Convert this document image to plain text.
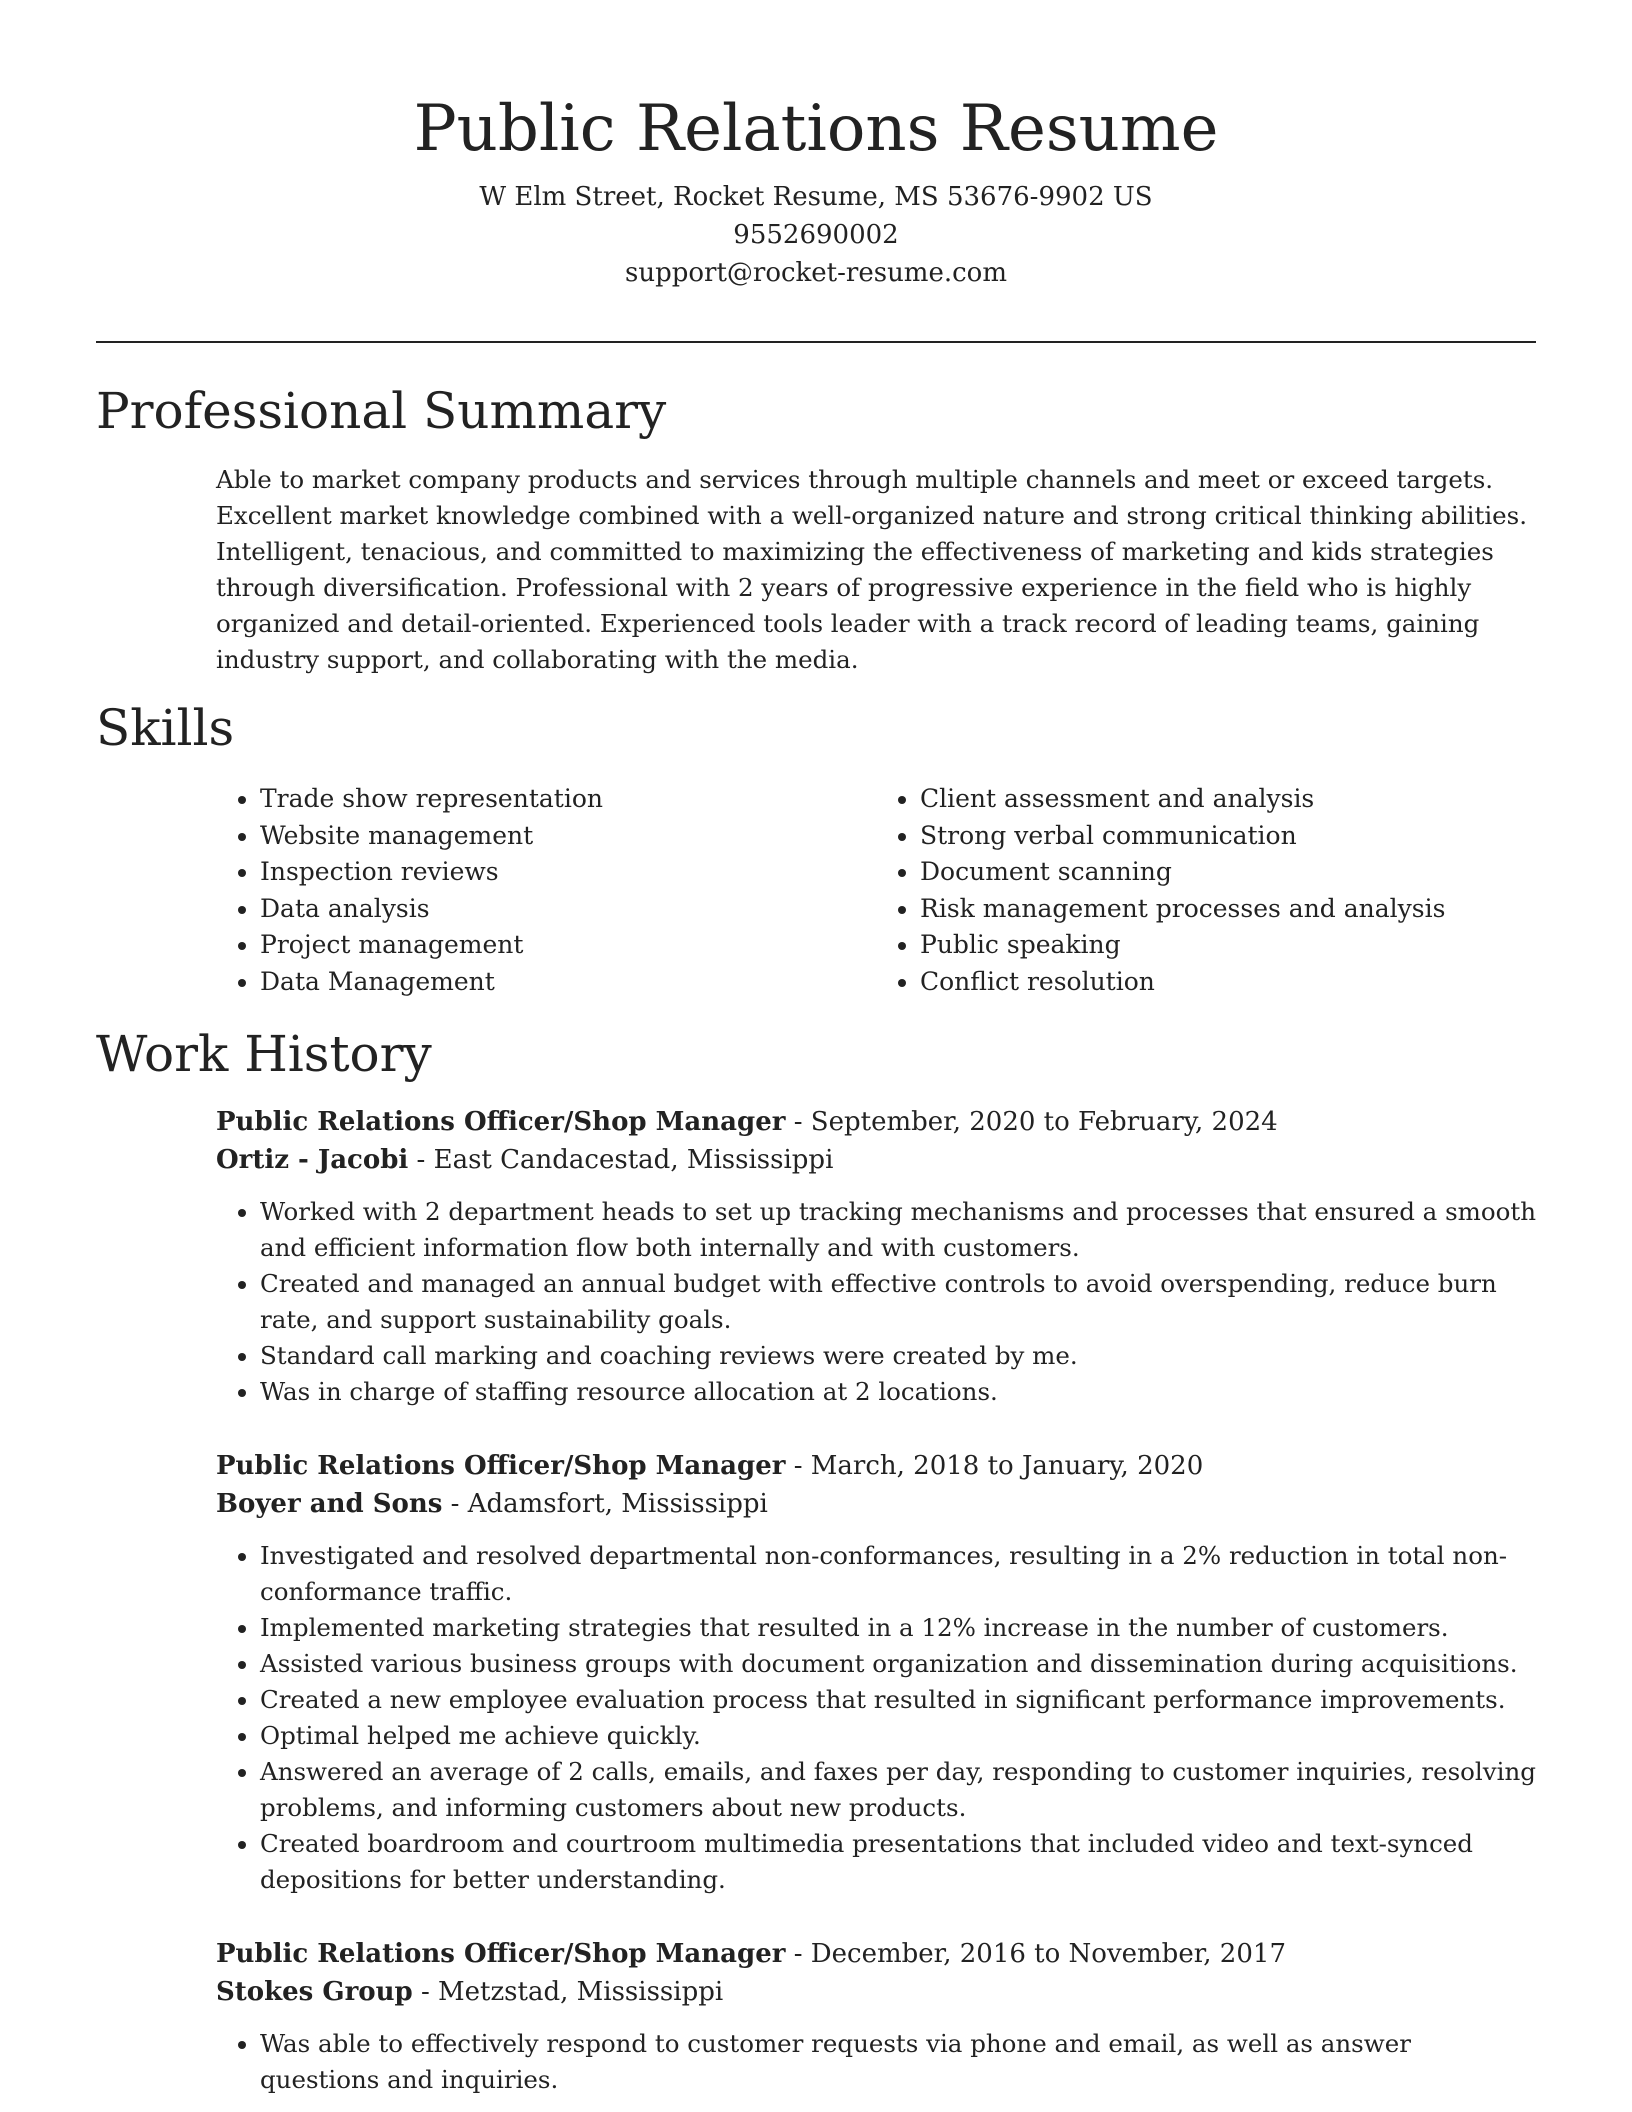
Public Relations Resume
W Elm Street, Rocket Resume, MS 53676-9902 US
9552690002
support@rocket-resume.com
Professional Summary

Able to market company products and services through multiple channels and meet or exceed targets. Excellent market knowledge combined with a well-organized nature and strong critical thinking abilities. Intelligent, tenacious, and committed to maximizing the effectiveness of marketing and kids strategies through diversification. Professional with 2 years of progressive experience in the field who is highly organized and detail-oriented. Experienced tools leader with a track record of leading teams, gaining industry support, and collaborating with the media.

Skills
• Trade show representation
• Website management
• Inspection reviews
• Data analysis
• Project management
• Data Management
• Client assessment and analysis
• Strong verbal communication
• Document scanning
• Risk management processes and analysis
• Public speaking
• Conflict resolution
Work History
Public Relations Officer/Shop Manager - September, 2020 to February, 2024
Ortiz - Jacobi - East Candacestad, Mississippi
• Worked with 2 department heads to set up tracking mechanisms and processes that ensured a smooth and efficient information flow both internally and with customers.
• Created and managed an annual budget with effective controls to avoid overspending, reduce burn rate, and support sustainability goals.
• Standard call marking and coaching reviews were created by me.
• Was in charge of staffing resource allocation at 2 locations.
Public Relations Officer/Shop Manager - March, 2018 to January, 2020
Boyer and Sons - Adamsfort, Mississippi
• Investigated and resolved departmental non-conformances, resulting in a 2% reduction in total non-conformance traffic.
• Implemented marketing strategies that resulted in a 12% increase in the number of customers.
• Assisted various business groups with document organization and dissemination during acquisitions.
• Created a new employee evaluation process that resulted in significant performance improvements.
• Optimal helped me achieve quickly.
• Answered an average of 2 calls, emails, and faxes per day, responding to customer inquiries, resolving problems, and informing customers about new products.
• Created boardroom and courtroom multimedia presentations that included video and text-synced depositions for better understanding.
Public Relations Officer/Shop Manager - December, 2016 to November, 2017
Stokes Group - Metzstad, Mississippi
• Was able to effectively respond to customer requests via phone and email, as well as answer questions and inquiries.
